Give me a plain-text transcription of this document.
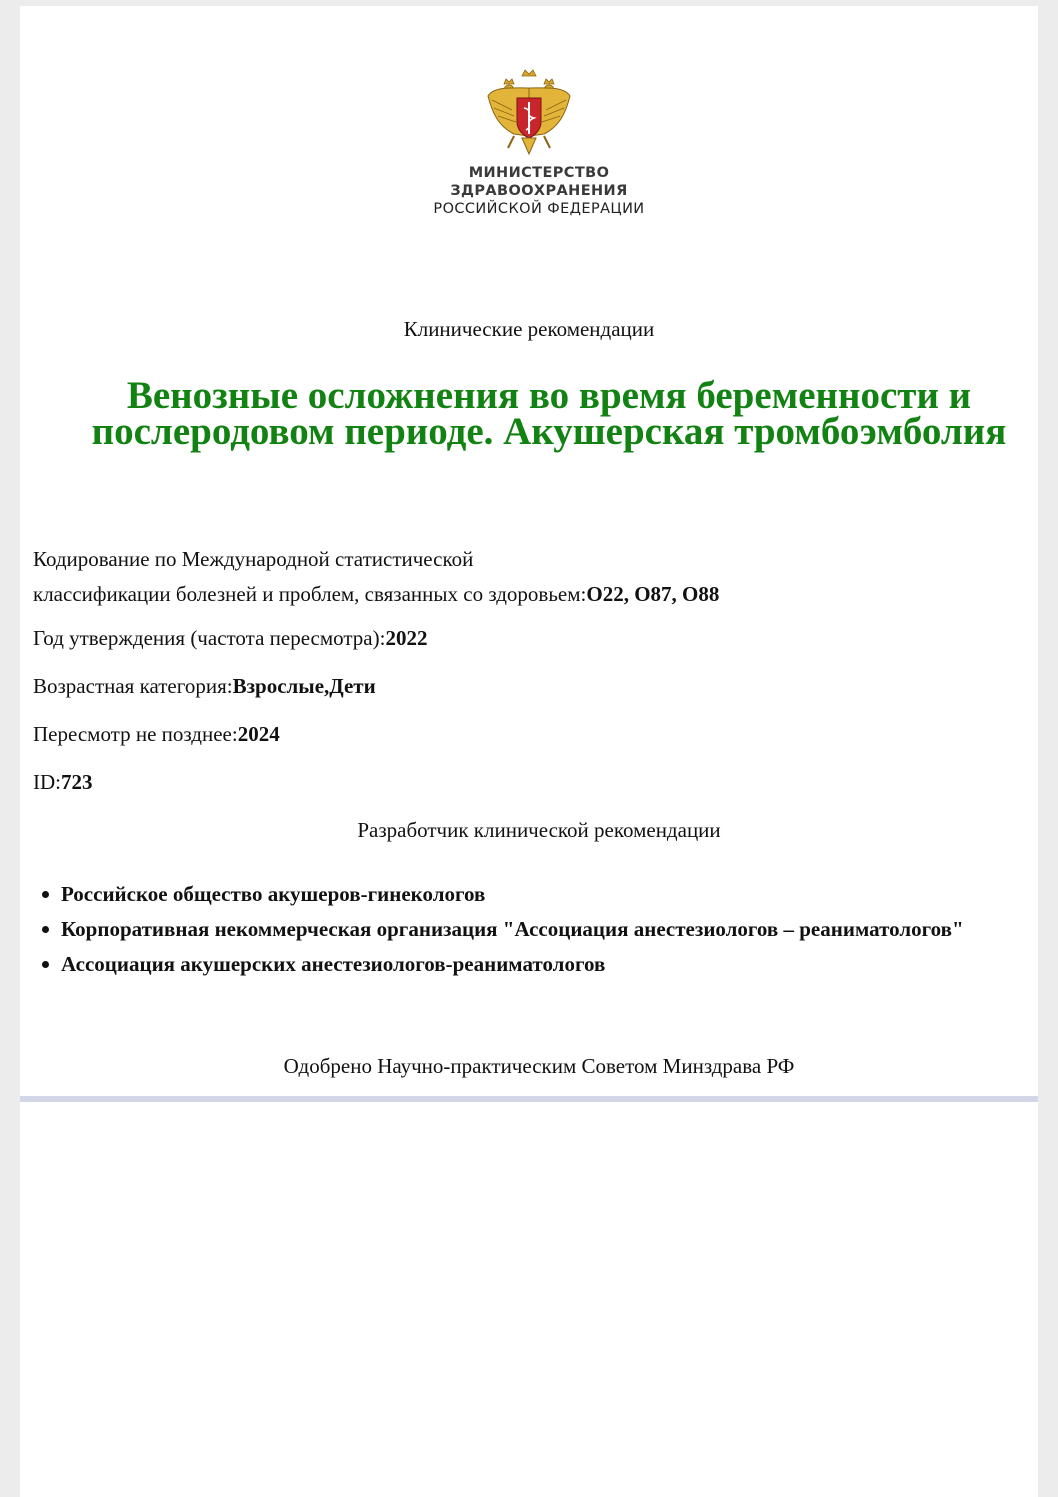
МИНИСТЕРСТВО
ЗДРАВООХРАНЕНИЯ
РОССИЙСКОЙ ФЕДЕРАЦИИ
Клинические рекомендации
Венозные осложнения во время беременности и послеродовом периоде. Акушерская тромбоэмболия
Кодирование по Международной статистической
классификации болезней и проблем, связанных со здоровьем:O22, O87, O88
Год утверждения (частота пересмотра):2022
Возрастная категория:Взрослые,Дети
Пересмотр не позднее:2024
ID:723
Разработчик клинической рекомендации
Российское общество акушеров-гинекологов
Корпоративная некоммерческая организация "Ассоциация анестезиологов – реаниматологов"
Ассоциация акушерских анестезиологов-реаниматологов
Одобрено Научно-практическим Советом Минздрава РФ
